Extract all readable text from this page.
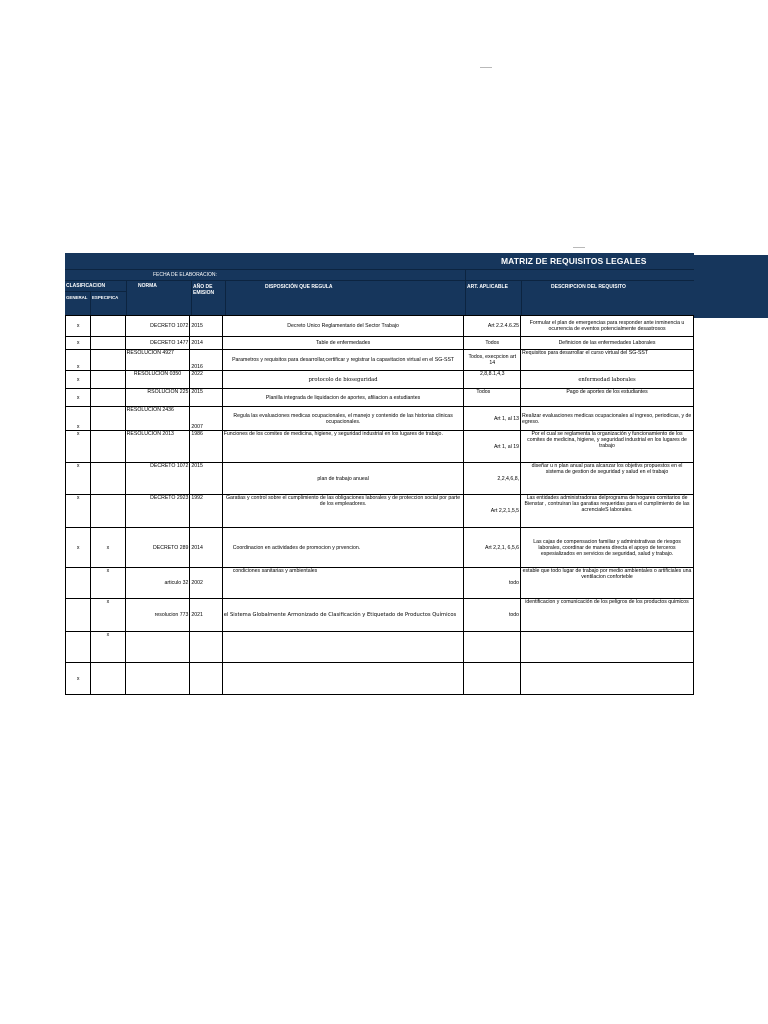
MATRIZ DE REQUISITOS LEGALES
FECHA DE ELABORACION:
CLASIFICACION
GENERAL ESPECIFICA
NORMA	AÑO DE EMISION
DISPOSICIÓN QUE REGULA	ART. APLICABLE	DESCRIPCION DEL REQUISITO
x		DECRETO 1072	2015	Decreto Unico Reglamentario del Sector Trabajo	Art 2.2.4.6.25	Formular el plan de emergencias para responder ante inminencia u ocurrencia de eventos potencialmente desastrosos
x		DECRETO 1477	2014	Table de enfermedades	Todos	Definicion de las enfermedades Laborales
x		RESOLUCION 4927	2016	Parametros y requisitos para desarrollar,certificar y registrar la capavitacion virtual en el SG-SST	Todos, execpcion art 14	Requisitos para desarrollar el curso virtual del SG-SST
x		RESOLUCION 0350	2022	protocolo de bioseguridad	2,8,8.1,4,3	enfermedad laborales
x		RSOLUCION 225	2015	Planilla integrada de liquidacion de aportes, afiliacion a estudiantes	Todos	Pago de aportes de los estudiantes
x		RESOLUCION 2436	2007	Regula las evaluaciones medicas ocupacionales, el manejo y contenido de las historias clinicas ocupacionales.	Art 1, al 13	Realizar evaluaciones medicas ocupacionales al ingreso, periodicas, y de egreso.
x		RESOLUCION 2013	1986	Funciones de los comites de medicina, higiene, y seguridad industrial en los lugares de trabajo.	Art 1, al 19	Por el cual se reglamenta la organización y funcionamiento de los comites de medicina, higiene, y seguridad industrial en los lugares de trabajo
x		DECRETO 1072	2015	plan de trabajo anueal	2,2,4,6,8,	diseñar u n plan anual para alcanzar los objetivs propuestos en el sistema de gestion de seguridad y salud en el trabajo
x		DECRETO 2923	1992	Garatias y control sobre el cumplimiento de las obligaciones laborales y de proteccion social por parte de los empleadores.	Art 2,2,1,5,5	Las entidades administradoras delprograma de hogares comitarios de Bienstar , contruiran las garatias requeridas para el cumplimiento de las acrencialeS laborales.
x	x	DECRETO 289	2014	Coordinacion en actividades de promocion y prvencion.	Art 2,2,1, 6,5,6	Las cajas de compensacion familiar y administrativas de riesgos laborales, coordinar de manera directa el apoyo de terceros espesializados en servicios de seguridad, salud y trabajo.
	x	articulo 32	2002	condiciones sanitarias y ambientales	todo	estable que todo lugar de trabajo por medio ambientales o artificiales una ventilacion conforteble
	x	resolucion 773	2021	el Sistema Globalmente Armonizado de Clasificación y Etiquetado de Productos Químicos	todo	identificacion y comunicación de los peligros de los productos quimicos
	x					
x						
